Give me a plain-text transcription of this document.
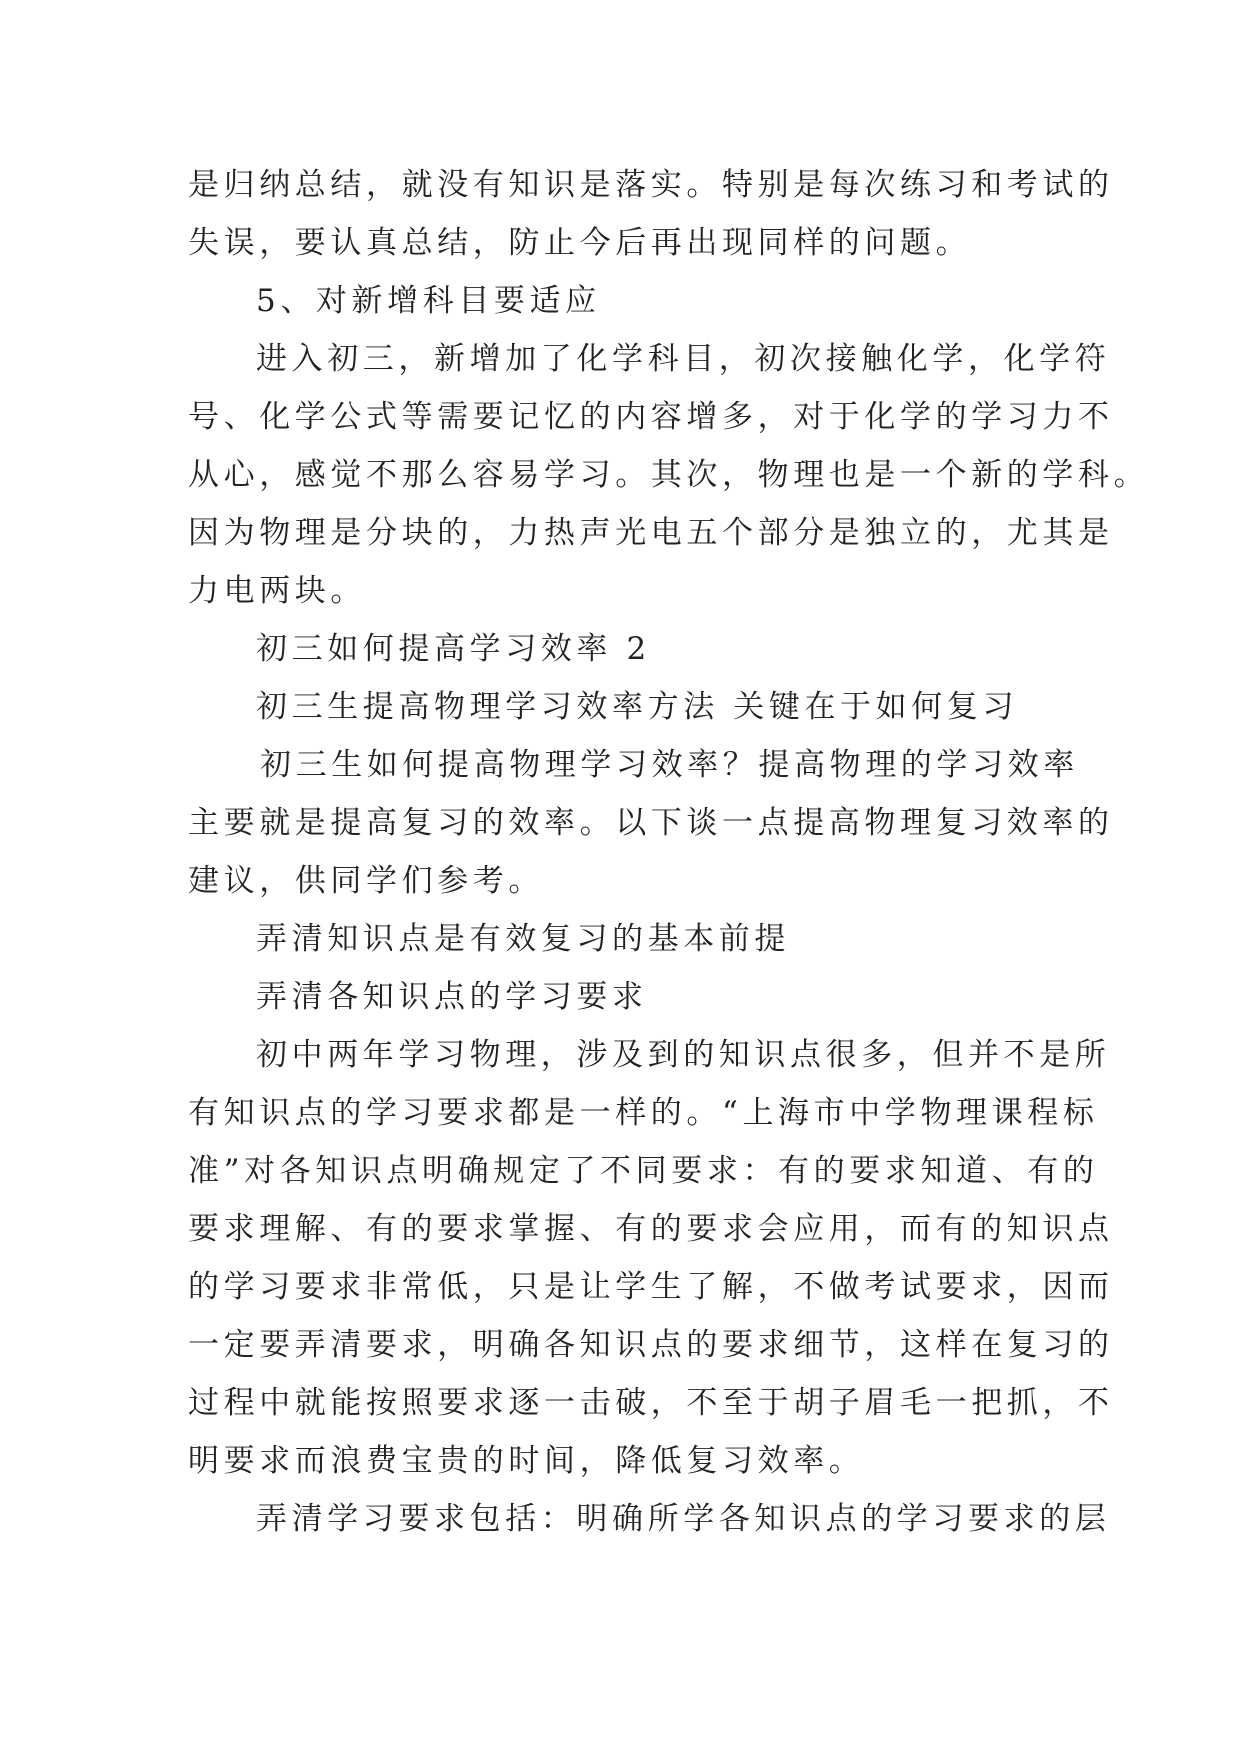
是归纳总结，就没有知识是落实。特别是每次练习和考试的

失误，要认真总结，防止今后再出现同样的问题。

5、对新增科目要适应

进入初三，新增加了化学科目，初次接触化学，化学符

号、化学公式等需要记忆的内容增多，对于化学的学习力不

从心，感觉不那么容易学习。其次，物理也是一个新的学科。

因为物理是分块的，力热声光电五个部分是独立的，尤其是

力电两块。

初三如何提高学习效率 2

初三生提高物理学习效率方法 关键在于如何复习

初三生如何提高物理学习效率？提高物理的学习效率

主要就是提高复习的效率。以下谈一点提高物理复习效率的

建议，供同学们参考。

弄清知识点是有效复习的基本前提

弄清各知识点的学习要求

初中两年学习物理，涉及到的知识点很多，但并不是所

有知识点的学习要求都是一样的。“上海市中学物理课程标

准”对各知识点明确规定了不同要求：有的要求知道、有的

要求理解、有的要求掌握、有的要求会应用，而有的知识点

的学习要求非常低，只是让学生了解，不做考试要求，因而

一定要弄清要求，明确各知识点的要求细节，这样在复习的

过程中就能按照要求逐一击破，不至于胡子眉毛一把抓，不

明要求而浪费宝贵的时间，降低复习效率。

弄清学习要求包括：明确所学各知识点的学习要求的层
